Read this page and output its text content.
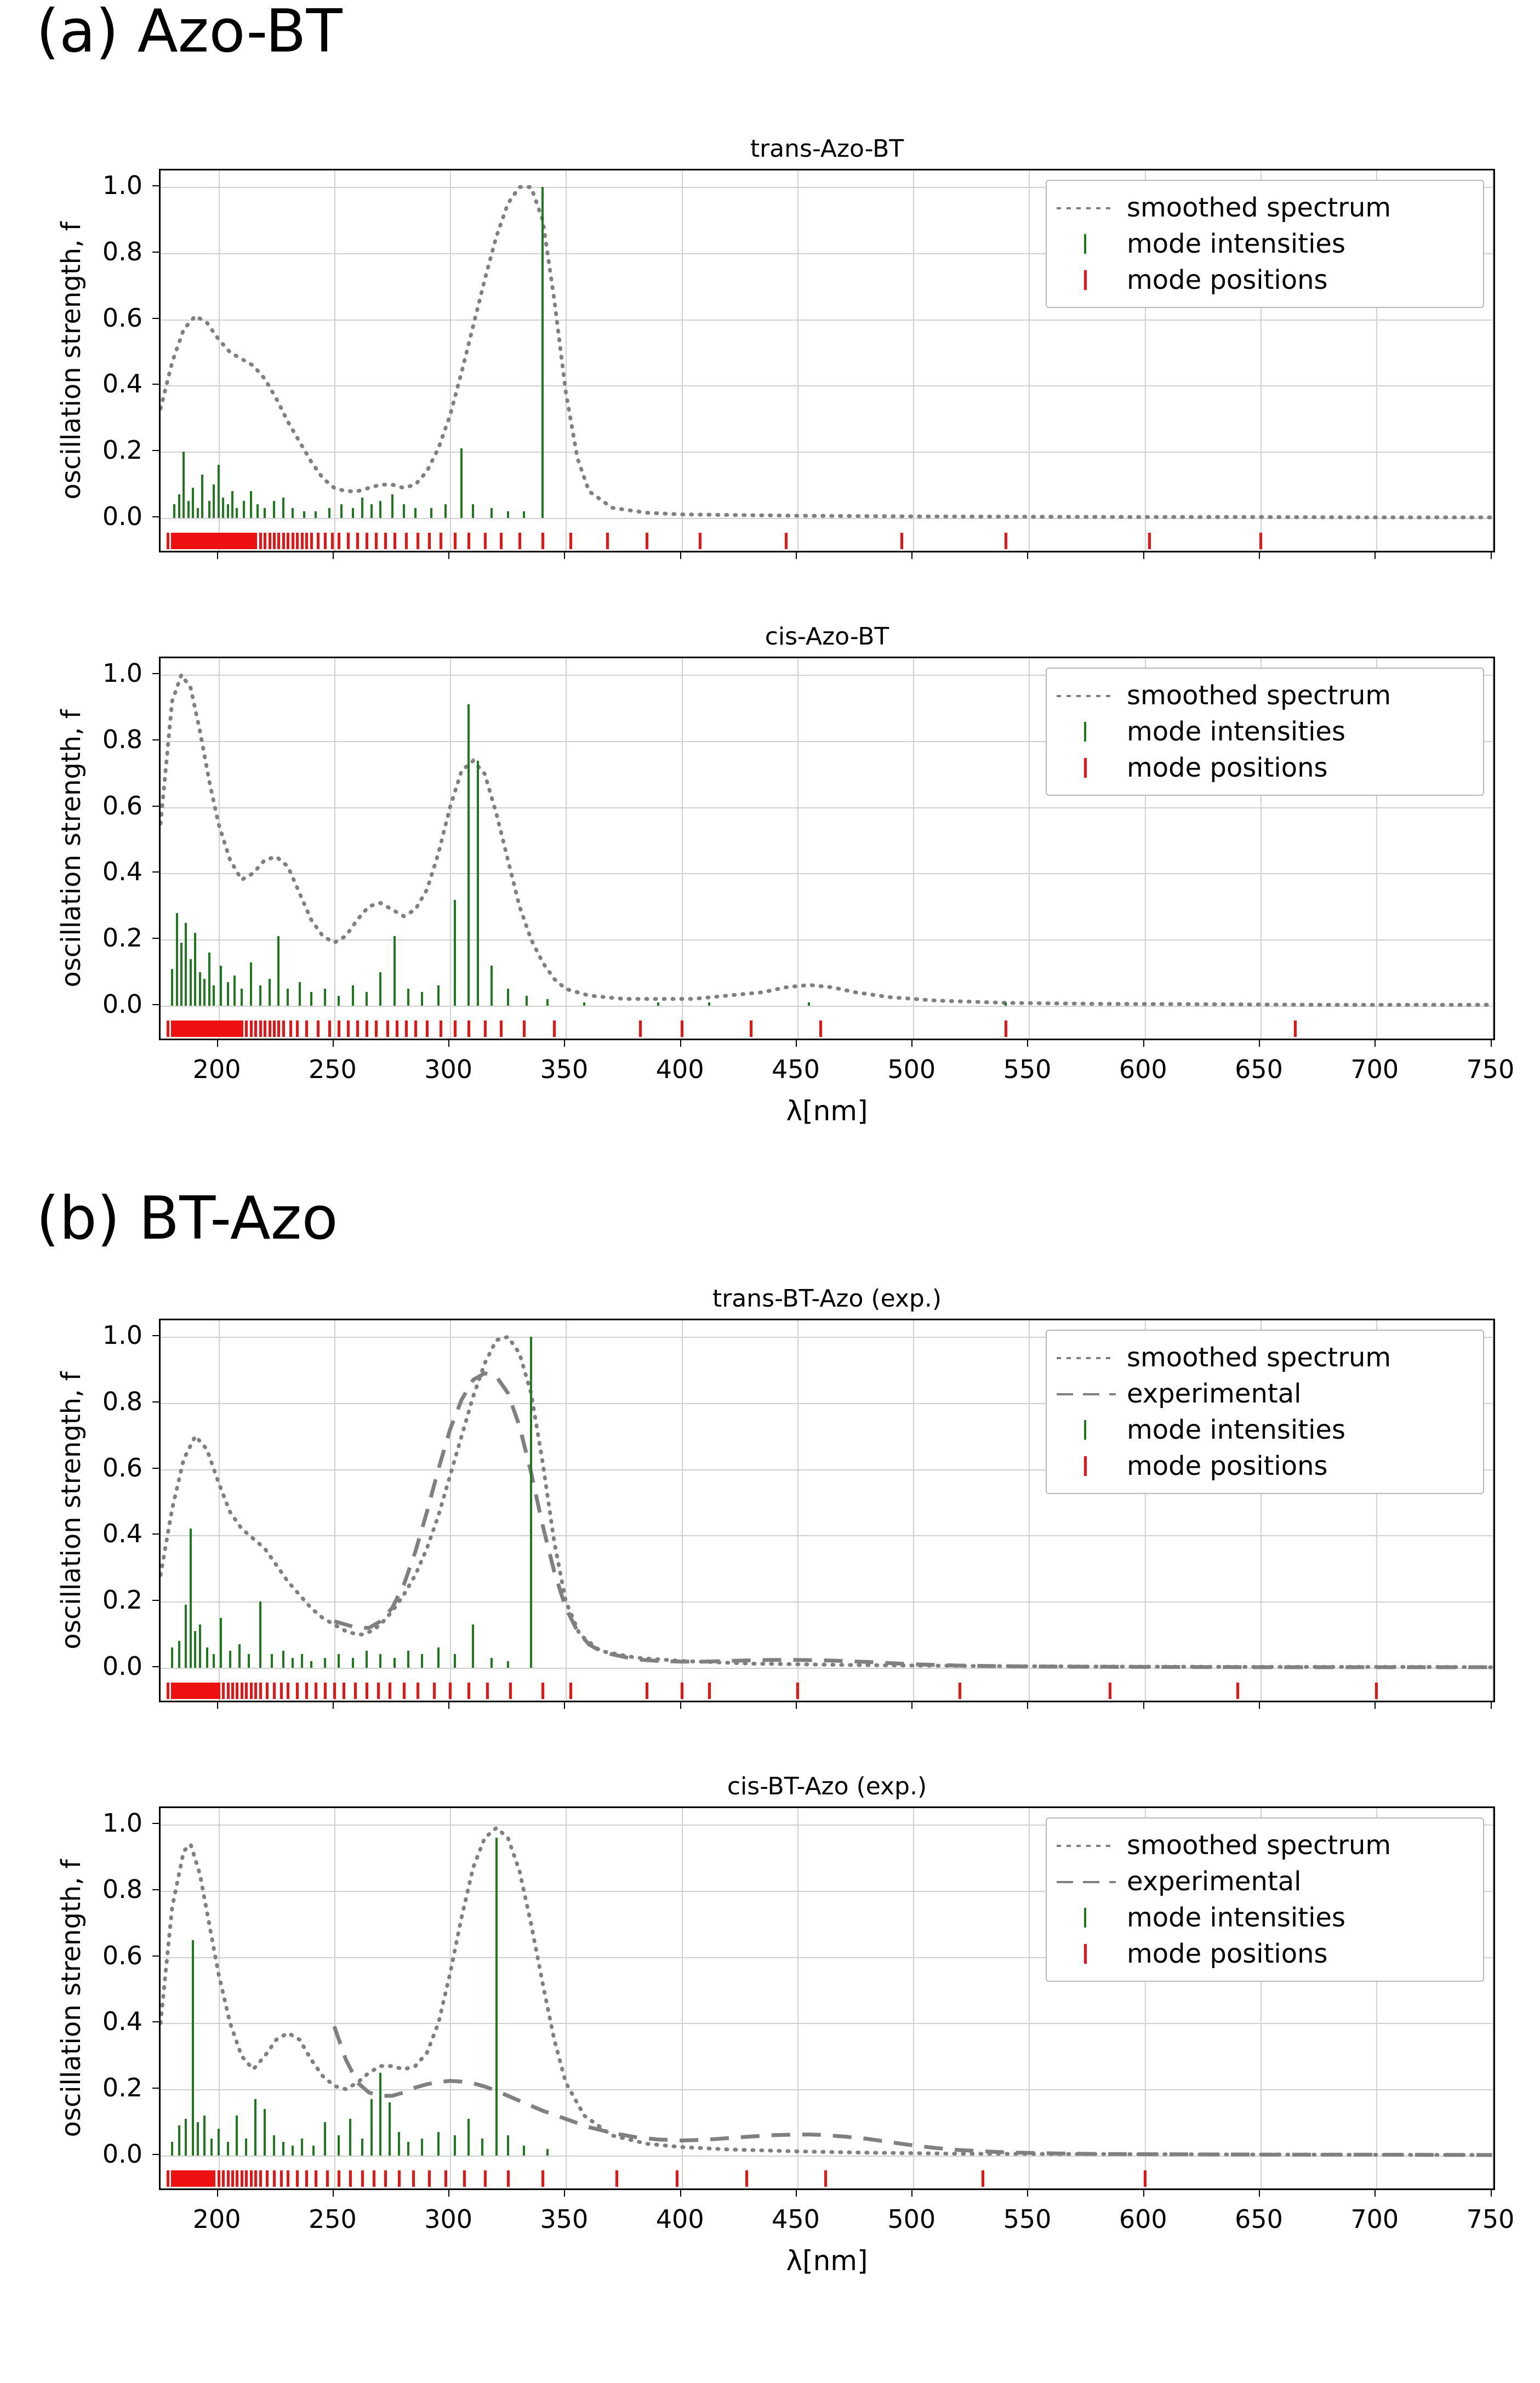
(a) Azo-BT
(b) BT-Azo
trans-Azo-BT
oscillation strength, f
0.0
0.2
0.4
0.6
0.8
1.0
smoothed spectrum
mode intensities
mode positions
cis-Azo-BT
oscillation strength, f
200	250	300	350	400	450	500	550	600	650	700	750
0.0
0.2
0.4
0.6
0.8
1.0
smoothed spectrum
mode intensities
mode positions
λ[nm]
trans-BT-Azo (exp.)
oscillation strength, f
0.0
0.2
0.4
0.6
0.8
1.0
smoothed spectrum
experimental
mode intensities
mode positions
cis-BT-Azo (exp.)
oscillation strength, f
200	250	300	350	400	450	500	550	600	650	700	750
0.0
0.2
0.4
0.6
0.8
1.0
smoothed spectrum
experimental
mode intensities
mode positions
λ[nm]
